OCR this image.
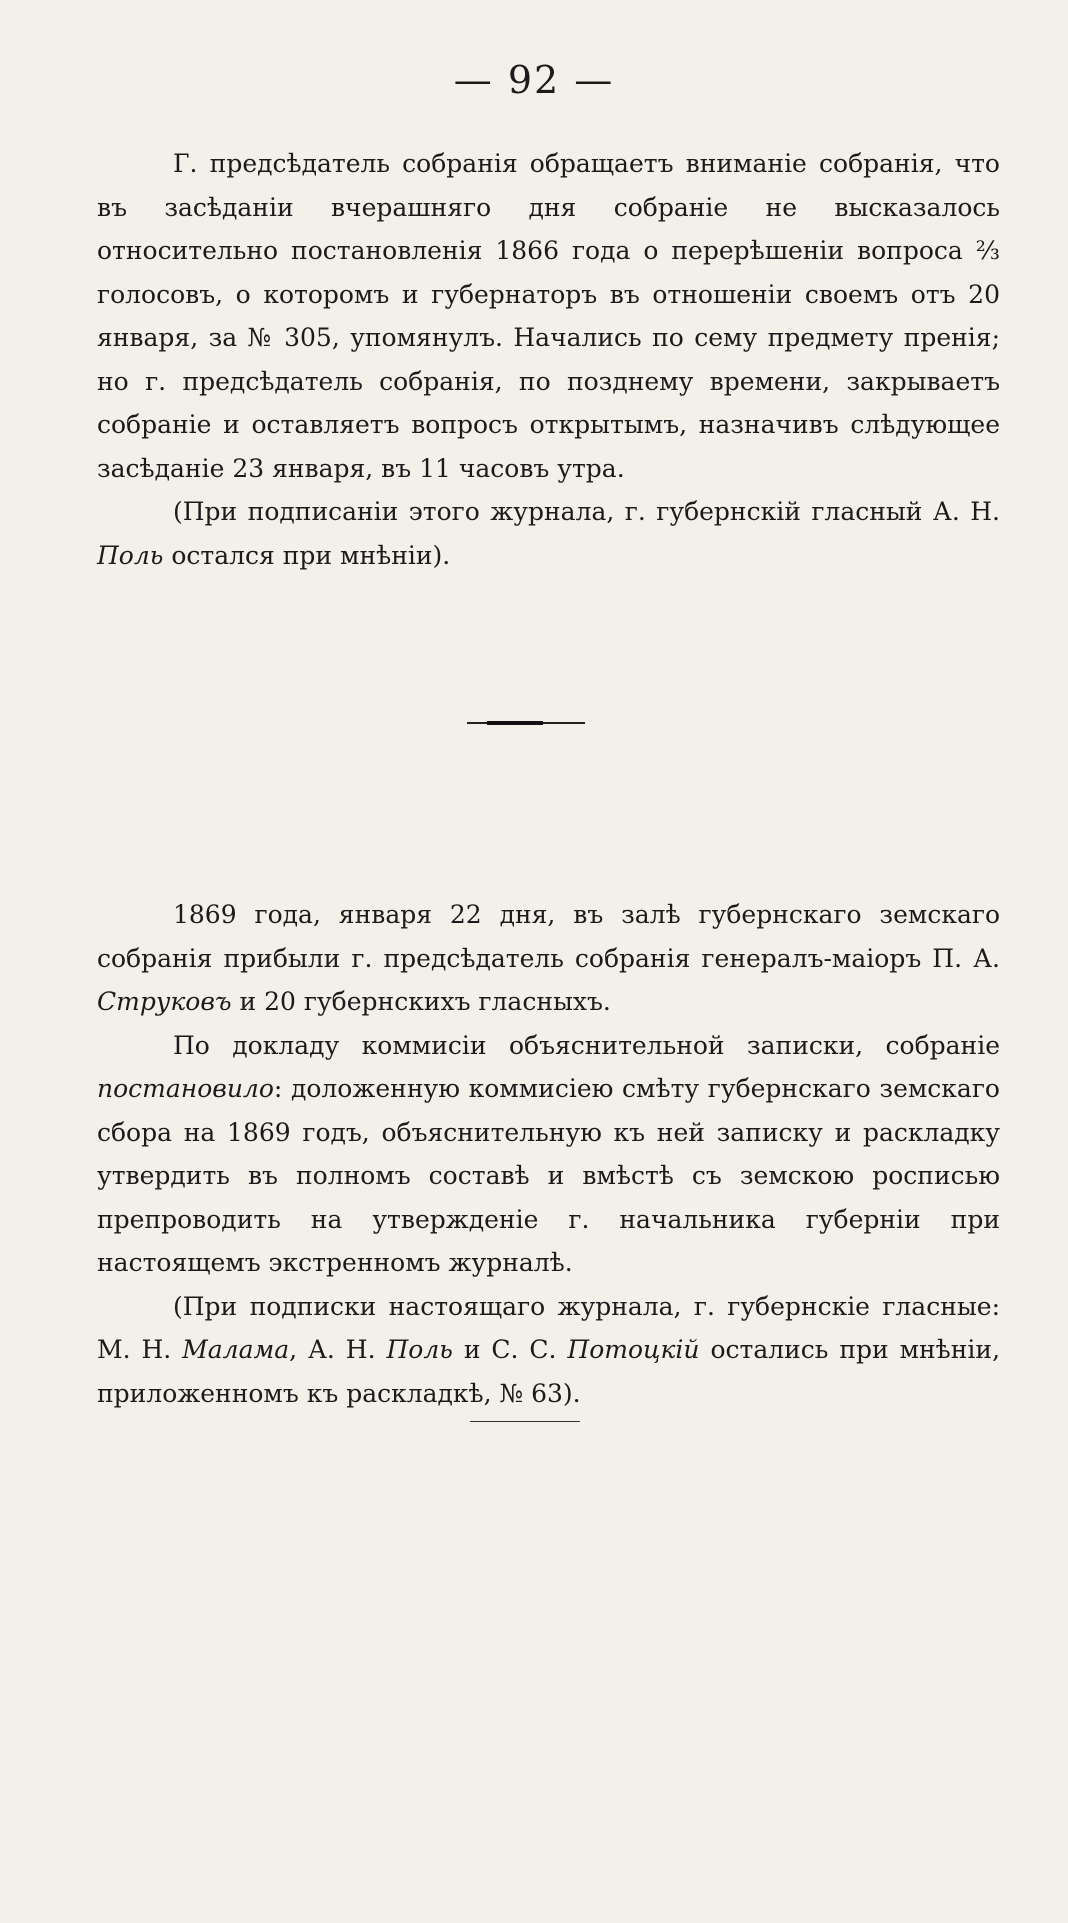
— 92 —

Г. предсѣдатель собранія обращаетъ вниманіе собранія, что въ засѣданіи вчерашняго дня собраніе не высказалось относительно постановленія 1866 года о перерѣшеніи вопроса ⅔ голосовъ, о которомъ и губернаторъ въ отношеніи своемъ отъ 20 января, за № 305, упомянулъ. Начались по сему предмету пренія; но г. предсѣдатель собранія, по позднему времени, закрываетъ собраніе и оставляетъ вопросъ открытымъ, назначивъ слѣдующее засѣданіе 23 января, въ 11 часовъ утра.

(При подписаніи этого журнала, г. губернскій гласный А. Н. Поль остался при мнѣніи).

1869 года, января 22 дня, въ залѣ губернскаго земскаго собранія прибыли г. предсѣдатель собранія генералъ-маіоръ П. А. Струковъ и 20 губернскихъ гласныхъ.

По докладу коммисіи объяснительной записки, собраніе постановило: доложенную коммисіею смѣту губернскаго земскаго сбора на 1869 годъ, объяснительную къ ней записку и раскладку утвердить въ полномъ составѣ и вмѣстѣ съ земскою росписью препроводить на утвержденіе г. начальника губерніи при настоящемъ экстренномъ журналѣ.

(При подписки настоящаго журнала, г. губернскіе гласные: М. Н. Малама, А. Н. Поль и С. С. Потоцкій остались при мнѣніи, приложенномъ къ раскладкѣ, № 63).
